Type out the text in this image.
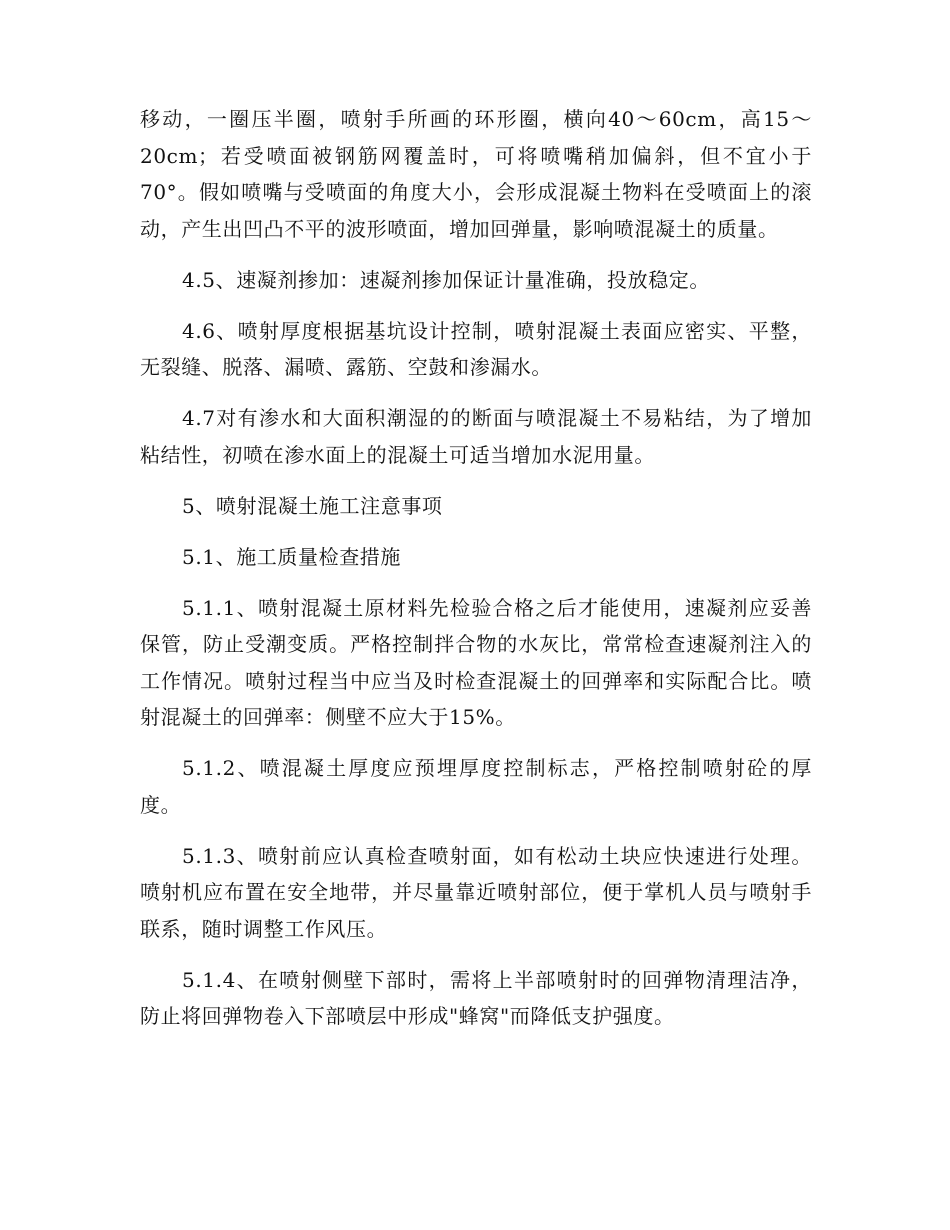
移动，一圈压半圈，喷射手所画的环形圈，横向40～60cm，高15～20cm；若受喷面被钢筋网覆盖时，可将喷嘴稍加偏斜，但不宜小于70°。假如喷嘴与受喷面的角度大小，会形成混凝土物料在受喷面上的滚动，产生出凹凸不平的波形喷面，增加回弹量，影响喷混凝土的质量。

4.5、速凝剂掺加：速凝剂掺加保证计量准确，投放稳定。

4.6、喷射厚度根据基坑设计控制，喷射混凝土表面应密实、平整，无裂缝、脱落、漏喷、露筋、空鼓和渗漏水。

4.7对有渗水和大面积潮湿的的断面与喷混凝土不易粘结，为了增加粘结性，初喷在渗水面上的混凝土可适当增加水泥用量。

5、喷射混凝土施工注意事项

5.1、施工质量检查措施

5.1.1、喷射混凝土原材料先检验合格之后才能使用，速凝剂应妥善保管，防止受潮变质。严格控制拌合物的水灰比，常常检查速凝剂注入的工作情况。喷射过程当中应当及时检查混凝土的回弹率和实际配合比。喷射混凝土的回弹率：侧壁不应大于15%。

5.1.2、喷混凝土厚度应预埋厚度控制标志，严格控制喷射砼的厚度。

5.1.3、喷射前应认真检查喷射面，如有松动土块应快速进行处理。喷射机应布置在安全地带，并尽量靠近喷射部位，便于掌机人员与喷射手联系，随时调整工作风压。

5.1.4、在喷射侧壁下部时，需将上半部喷射时的回弹物清理洁净，防止将回弹物卷入下部喷层中形成"蜂窝"而降低支护强度。
